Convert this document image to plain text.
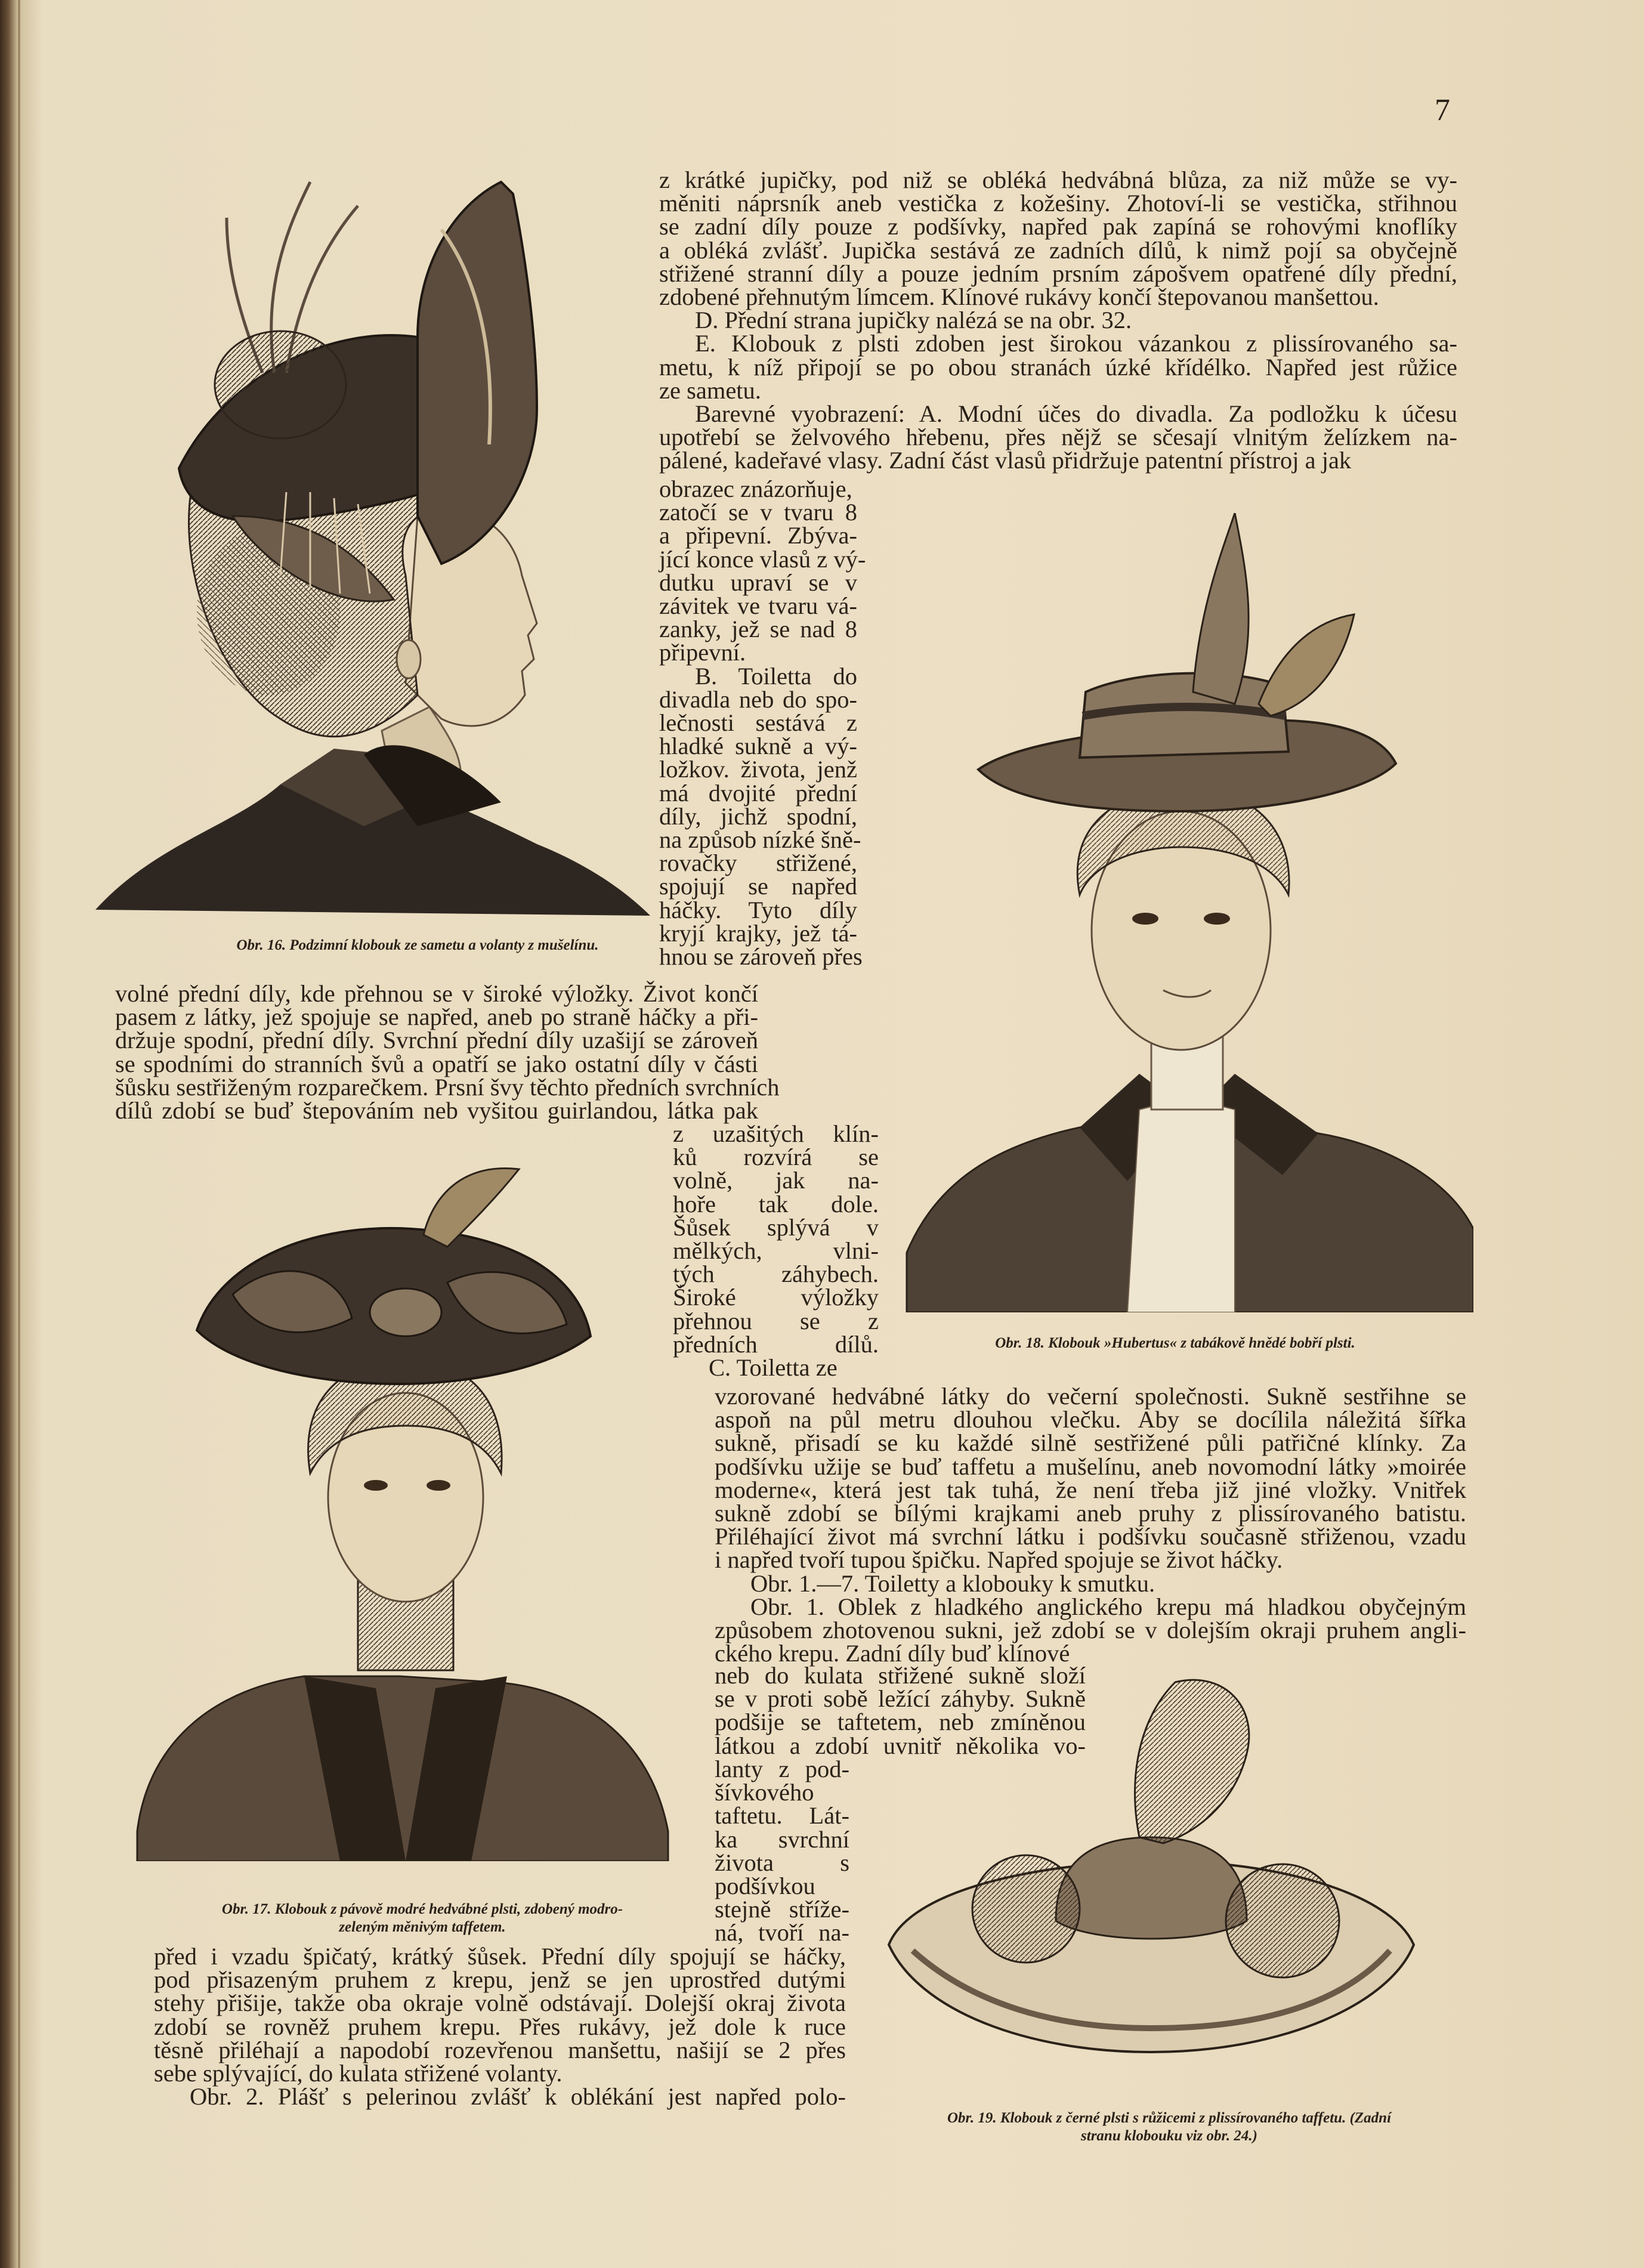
7
z krátké jupičky, pod niž se obléká hedvábná blůza, za niž může se vy-
měniti náprsník aneb vestička z kožešiny. Zhotoví-li se vestička, střihnou
se zadní díly pouze z podšívky, napřed pak zapíná se rohovými knoflíky
a obléká zvlášť. Jupička sestává ze zadních dílů, k nimž pojí sa obyčejně
střižené stranní díly a pouze jedním prsním zápošvem opatřené díly přední,
zdobené přehnutým límcem. Klínové rukávy končí štepovanou manšettou.
D. Přední strana jupičky nalézá se na obr. 32.
E. Klobouk z plsti zdoben jest širokou vázankou z plissírovaného sa-
metu, k níž připojí se po obou stranách úzké křídélko. Napřed jest růžice
ze sametu.
Barevné vyobrazení: A. Modní účes do divadla. Za podložku k účesu
upotřebí se želvového hřebenu, přes nějž se sčesají vlnitým želízkem na-
pálené, kadeřavé vlasy. Zadní část vlasů přidržuje patentní přístroj a jak
obrazec znázorňuje,
zatočí se v tvaru 8
a připevní. Zbýva-
jící konce vlasů z vý-
dutku upraví se v
závitek ve tvaru vá-
zanky, jež se nad 8
připevní.
B. Toiletta do
divadla neb do spo-
lečnosti sestává z
hladké sukně a vý-
ložkov. života, jenž
má dvojité přední
díly, jichž spodní,
na způsob nízké šně-
rovačky střižené,
spojují se napřed
háčky. Tyto díly
kryjí krajky, jež tá-
hnou se zároveň přes
volné přední díly, kde přehnou se v široké výložky. Život končí
pasem z látky, jež spojuje se napřed, aneb po straně háčky a při-
držuje spodní, přední díly. Svrchní přední díly uzašijí se zároveň
se spodními do stranních švů a opatří se jako ostatní díly v části
šůsku sestřiženým rozparečkem. Prsní švy těchto předních svrchních
dílů zdobí se buď štepováním neb vyšitou guirlandou, látka pak
z uzašitých klín-
ků rozvírá se
volně, jak na-
hoře tak dole.
Šůsek splývá v
mělkých, vlni-
tých záhybech.
Široké výložky
přehnou se z
předních dílů.
C. Toiletta ze
vzorované hedvábné látky do večerní společnosti. Sukně sestřihne se
aspoň na půl metru dlouhou vlečku. Aby se docílila náležitá šířka
sukně, přisadí se ku každé silně sestřižené půli patřičné klínky. Za
podšívku užije se buď taffetu a mušelínu, aneb novomodní látky »moirée
moderne«, která jest tak tuhá, že není třeba již jiné vložky. Vnitřek
sukně zdobí se bílými krajkami aneb pruhy z plissírovaného batistu.
Přiléhající život má svrchní látku i podšívku současně střiženou, vzadu
i napřed tvoří tupou špičku. Napřed spojuje se život háčky.
Obr. 1.—7. Toiletty a klobouky k smutku.
Obr. 1. Oblek z hladkého anglického krepu má hladkou obyčejným
způsobem zhotovenou sukni, jež zdobí se v dolejším okraji pruhem angli-
ckého krepu. Zadní díly buď klínové
neb do kulata střižené sukně složí
se v proti sobě ležící záhyby. Sukně
podšije se taftetem, neb zmíněnou
látkou a zdobí uvnitř několika vo-
lanty z pod-
šívkového
taftetu. Lát-
ka svrchní
života s
podšívkou
stejně stříže-
ná, tvoří na-
před i vzadu špičatý, krátký šůsek. Přední díly spojují se háčky,
pod přisazeným pruhem z krepu, jenž se jen uprostřed dutými
stehy přišije, takže oba okraje volně odstávají. Dolejší okraj života
zdobí se rovněž pruhem krepu. Přes rukávy, jež dole k ruce
těsně přiléhají a napodobí rozevřenou manšettu, našijí se 2 přes
sebe splývající, do kulata střižené volanty.
Obr. 2. Plášť s pelerinou zvlášť k oblékání jest napřed polo-
Obr. 16. Podzimní klobouk ze sametu a volanty z mušelínu.
Obr. 17. Klobouk z pávově modré hedvábné plsti, zdobený modro-
zeleným měnivým taffetem.
Obr. 18. Klobouk »Hubertus« z tabákově hnědé bobří plsti.
Obr. 19. Klobouk z černé plsti s růžicemi z plissírovaného taffetu. (Zadní
stranu klobouku viz obr. 24.)
